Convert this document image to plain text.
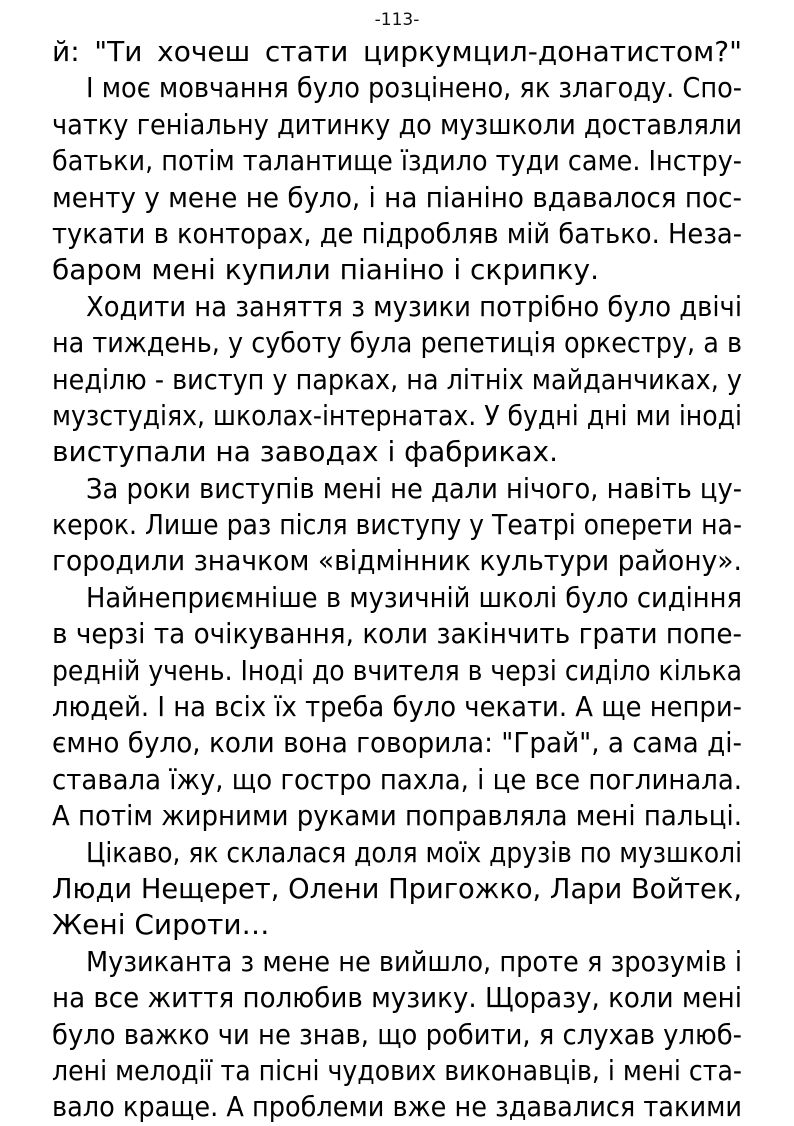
-113-
й: "Ти хочеш стати циркумцил-донатистом?"
І моє мовчання було розцінено, як злагоду. Спо-
чатку геніальну дитинку до музшколи доставляли
батьки, потім талантище їздило туди саме. Інстру-
менту у мене не було, і на піаніно вдавалося пос-
тукати в конторах, де підробляв мій батько. Неза-
баром мені купили піаніно і скрипку.
Ходити на заняття з музики потрібно було двічі
на тиждень, у суботу була репетиція оркестру, а в
неділю - виступ у парках, на літніх майданчиках, у
музстудіях, школах-інтернатах. У будні дні ми іноді
виступали на заводах і фабриках.
За роки виступів мені не дали нічого, навіть цу-
керок. Лише раз після виступу у Театрі оперети на-
городили значком «відмінник культури району».
Найнеприємніше в музичній школі було сидіння
в черзі та очікування, коли закінчить грати попе-
редній учень. Іноді до вчителя в черзі сиділо кілька
людей. І на всіх їх треба було чекати. А ще непри-
ємно було, коли вона говорила: "Грай", а сама ді-
ставала їжу, що гостро пахла, і це все поглинала.
А потім жирними руками поправляла мені пальці.
Цікаво, як склалася доля моїх друзів по музшколі
Люди Нещерет, Олени Пригожко, Лари Войтек,
Жені Сироти…
Музиканта з мене не вийшло, проте я зрозумів і
на все життя полюбив музику. Щоразу, коли мені
було важко чи не знав, що робити, я слухав улюб-
лені мелодії та пісні чудових виконавців, і мені ста-
вало краще. А проблеми вже не здавалися такими
